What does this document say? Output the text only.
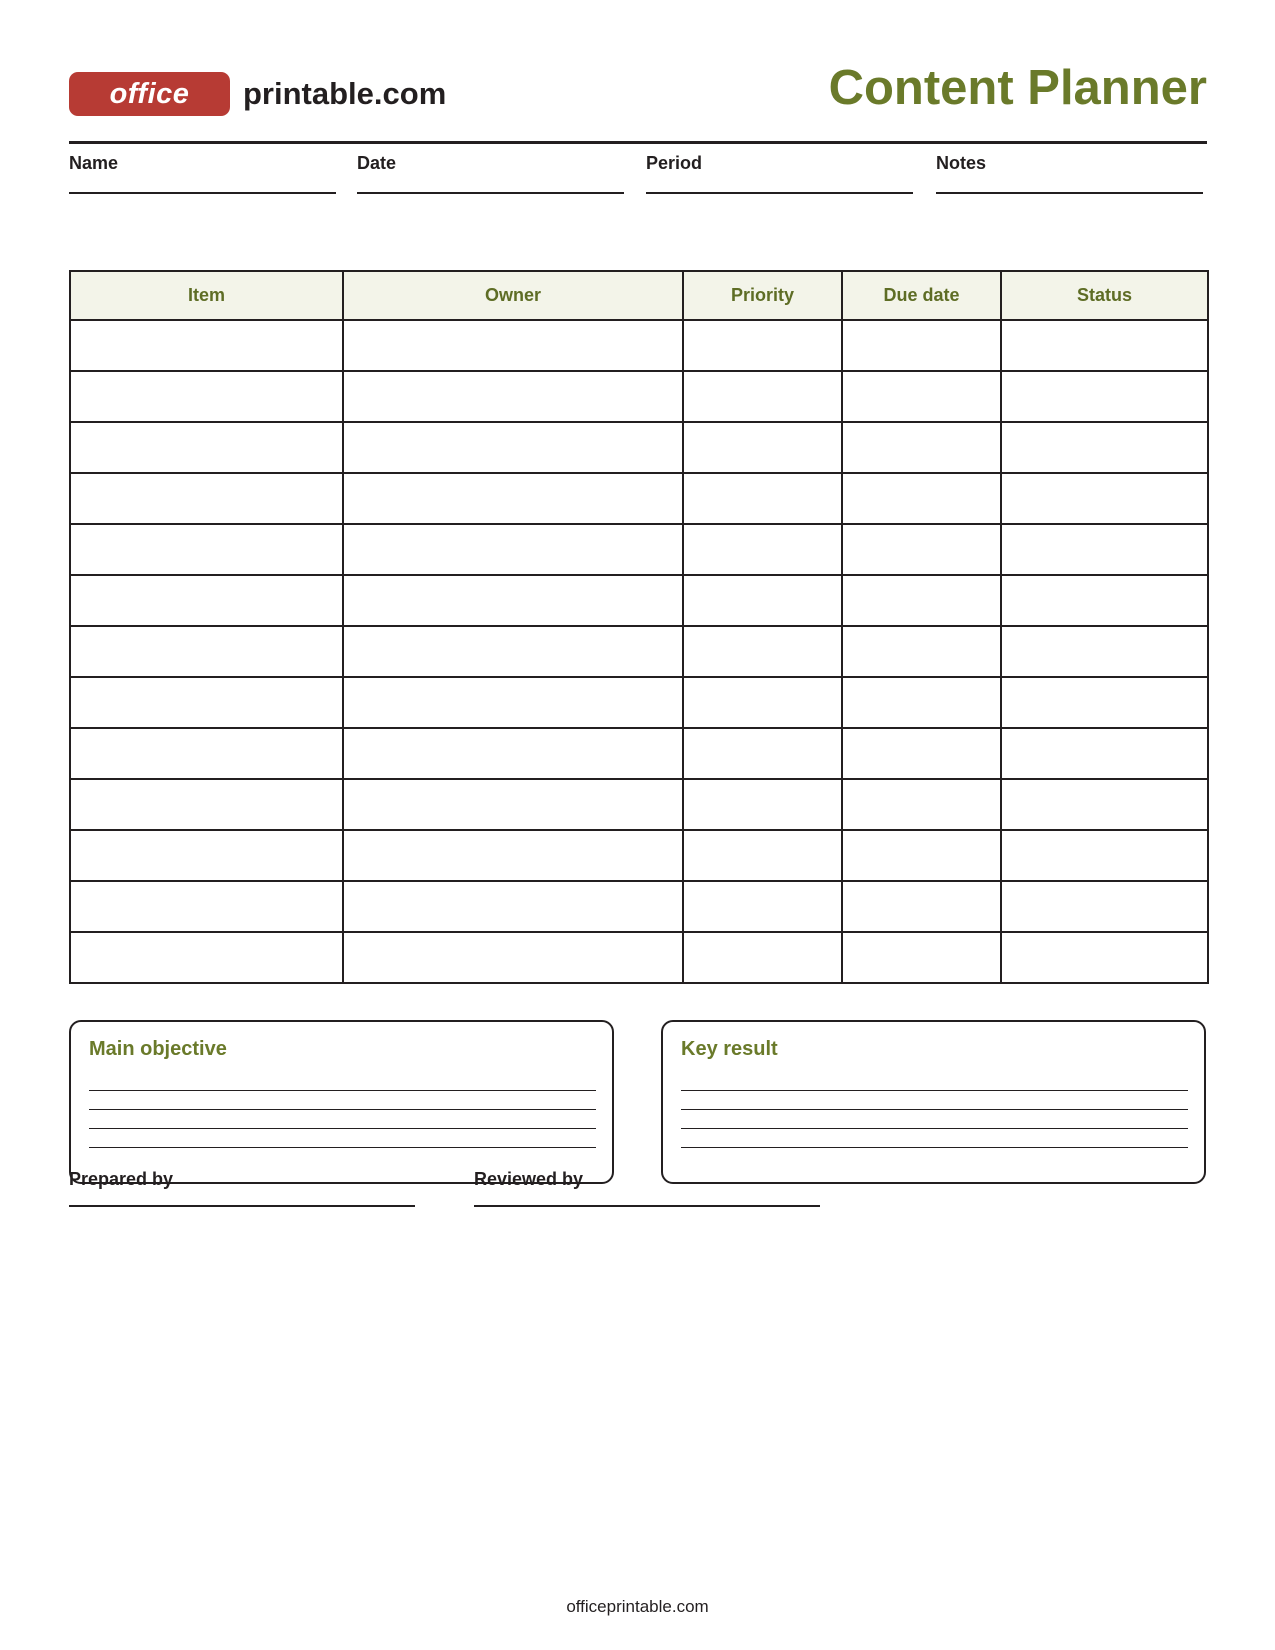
office	printable.com	Content Planner
Name	Date	Period	Notes
Item	Owner	Priority	Due date	Status

Main objective	Key result
Prepared by	Reviewed by
officeprintable.com
